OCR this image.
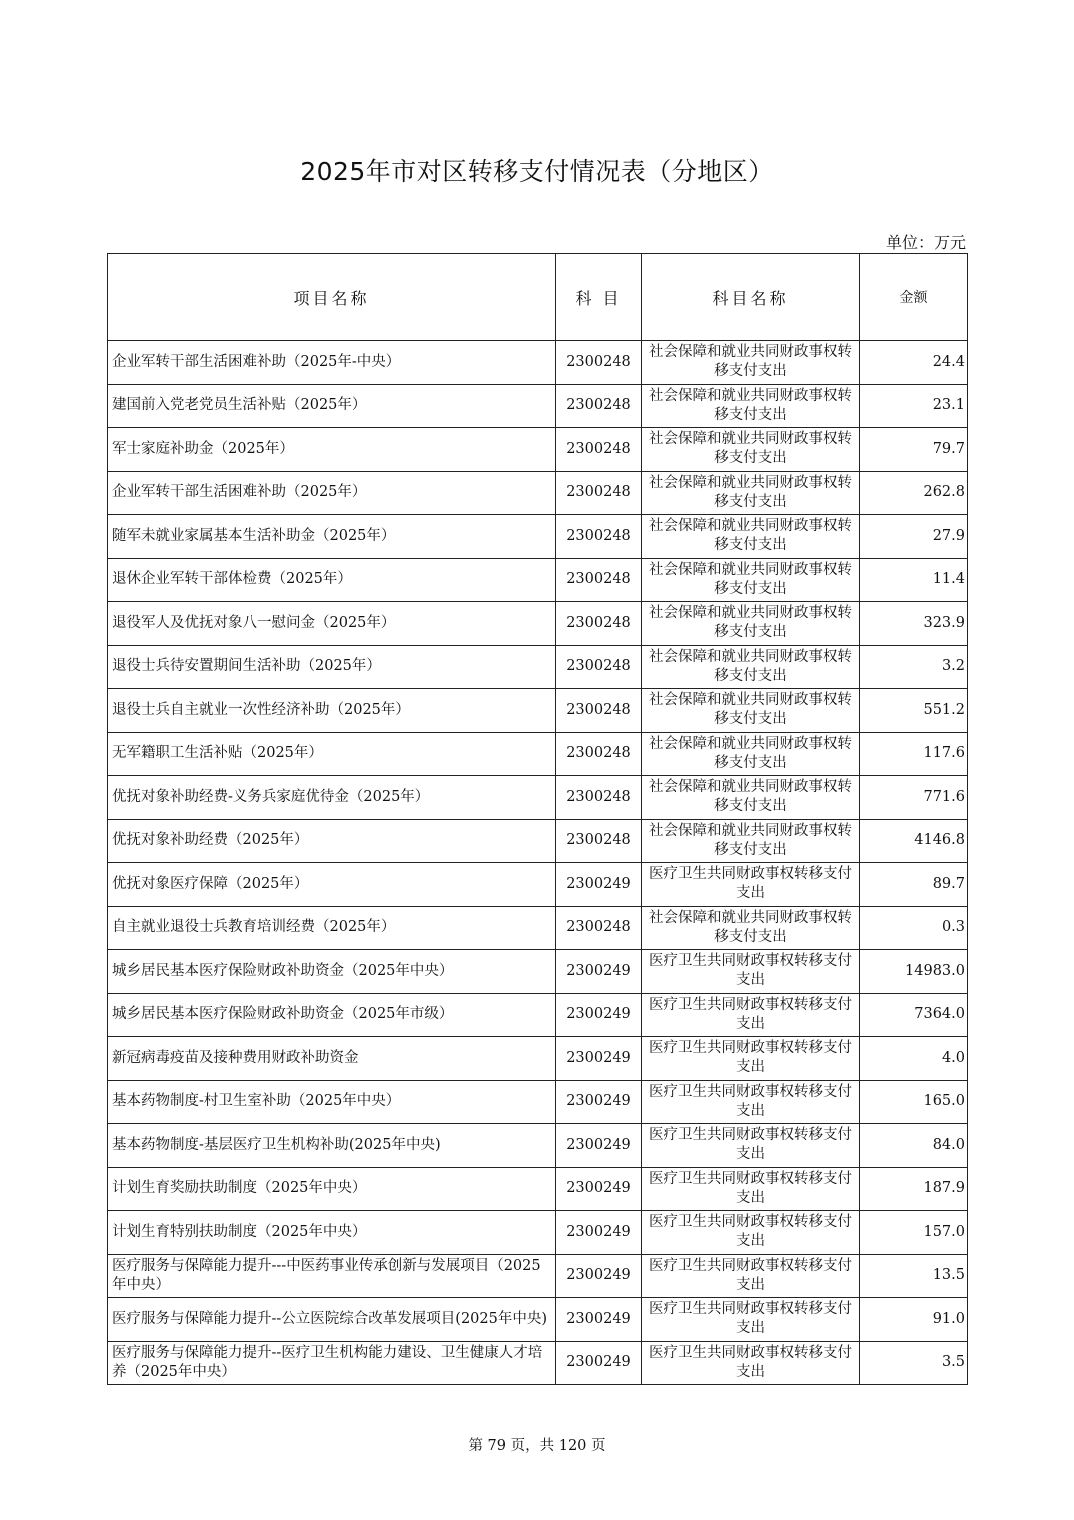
2025年市对区转移支付情况表（分地区）
单位：万元
项目名称	科 目	科目名称	金额
企业军转干部生活困难补助（2025年-中央）	2300248	社会保障和就业共同财政事权转移支付支出	24.4
建国前入党老党员生活补贴（2025年）	2300248	社会保障和就业共同财政事权转移支付支出	23.1
军士家庭补助金（2025年）	2300248	社会保障和就业共同财政事权转移支付支出	79.7
企业军转干部生活困难补助（2025年）	2300248	社会保障和就业共同财政事权转移支付支出	262.8
随军未就业家属基本生活补助金（2025年）	2300248	社会保障和就业共同财政事权转移支付支出	27.9
退休企业军转干部体检费（2025年）	2300248	社会保障和就业共同财政事权转移支付支出	11.4
退役军人及优抚对象八一慰问金（2025年）	2300248	社会保障和就业共同财政事权转移支付支出	323.9
退役士兵待安置期间生活补助（2025年）	2300248	社会保障和就业共同财政事权转移支付支出	3.2
退役士兵自主就业一次性经济补助（2025年）	2300248	社会保障和就业共同财政事权转移支付支出	551.2
无军籍职工生活补贴（2025年）	2300248	社会保障和就业共同财政事权转移支付支出	117.6
优抚对象补助经费-义务兵家庭优待金（2025年）	2300248	社会保障和就业共同财政事权转移支付支出	771.6
优抚对象补助经费（2025年）	2300248	社会保障和就业共同财政事权转移支付支出	4146.8
优抚对象医疗保障（2025年）	2300249	医疗卫生共同财政事权转移支付支出	89.7
自主就业退役士兵教育培训经费（2025年）	2300248	社会保障和就业共同财政事权转移支付支出	0.3
城乡居民基本医疗保险财政补助资金（2025年中央）	2300249	医疗卫生共同财政事权转移支付支出	14983.0
城乡居民基本医疗保险财政补助资金（2025年市级）	2300249	医疗卫生共同财政事权转移支付支出	7364.0
新冠病毒疫苗及接种费用财政补助资金	2300249	医疗卫生共同财政事权转移支付支出	4.0
基本药物制度-村卫生室补助（2025年中央）	2300249	医疗卫生共同财政事权转移支付支出	165.0
基本药物制度-基层医疗卫生机构补助(2025年中央)	2300249	医疗卫生共同财政事权转移支付支出	84.0
计划生育奖励扶助制度（2025年中央）	2300249	医疗卫生共同财政事权转移支付支出	187.9
计划生育特别扶助制度（2025年中央）	2300249	医疗卫生共同财政事权转移支付支出	157.0
医疗服务与保障能力提升---中医药事业传承创新与发展项目（2025年中央）	2300249	医疗卫生共同财政事权转移支付支出	13.5
医疗服务与保障能力提升--公立医院综合改革发展项目(2025年中央)	2300249	医疗卫生共同财政事权转移支付支出	91.0
医疗服务与保障能力提升--医疗卫生机构能力建设、卫生健康人才培养（2025年中央）	2300249	医疗卫生共同财政事权转移支付支出	3.5
第 79 页，共 120 页
